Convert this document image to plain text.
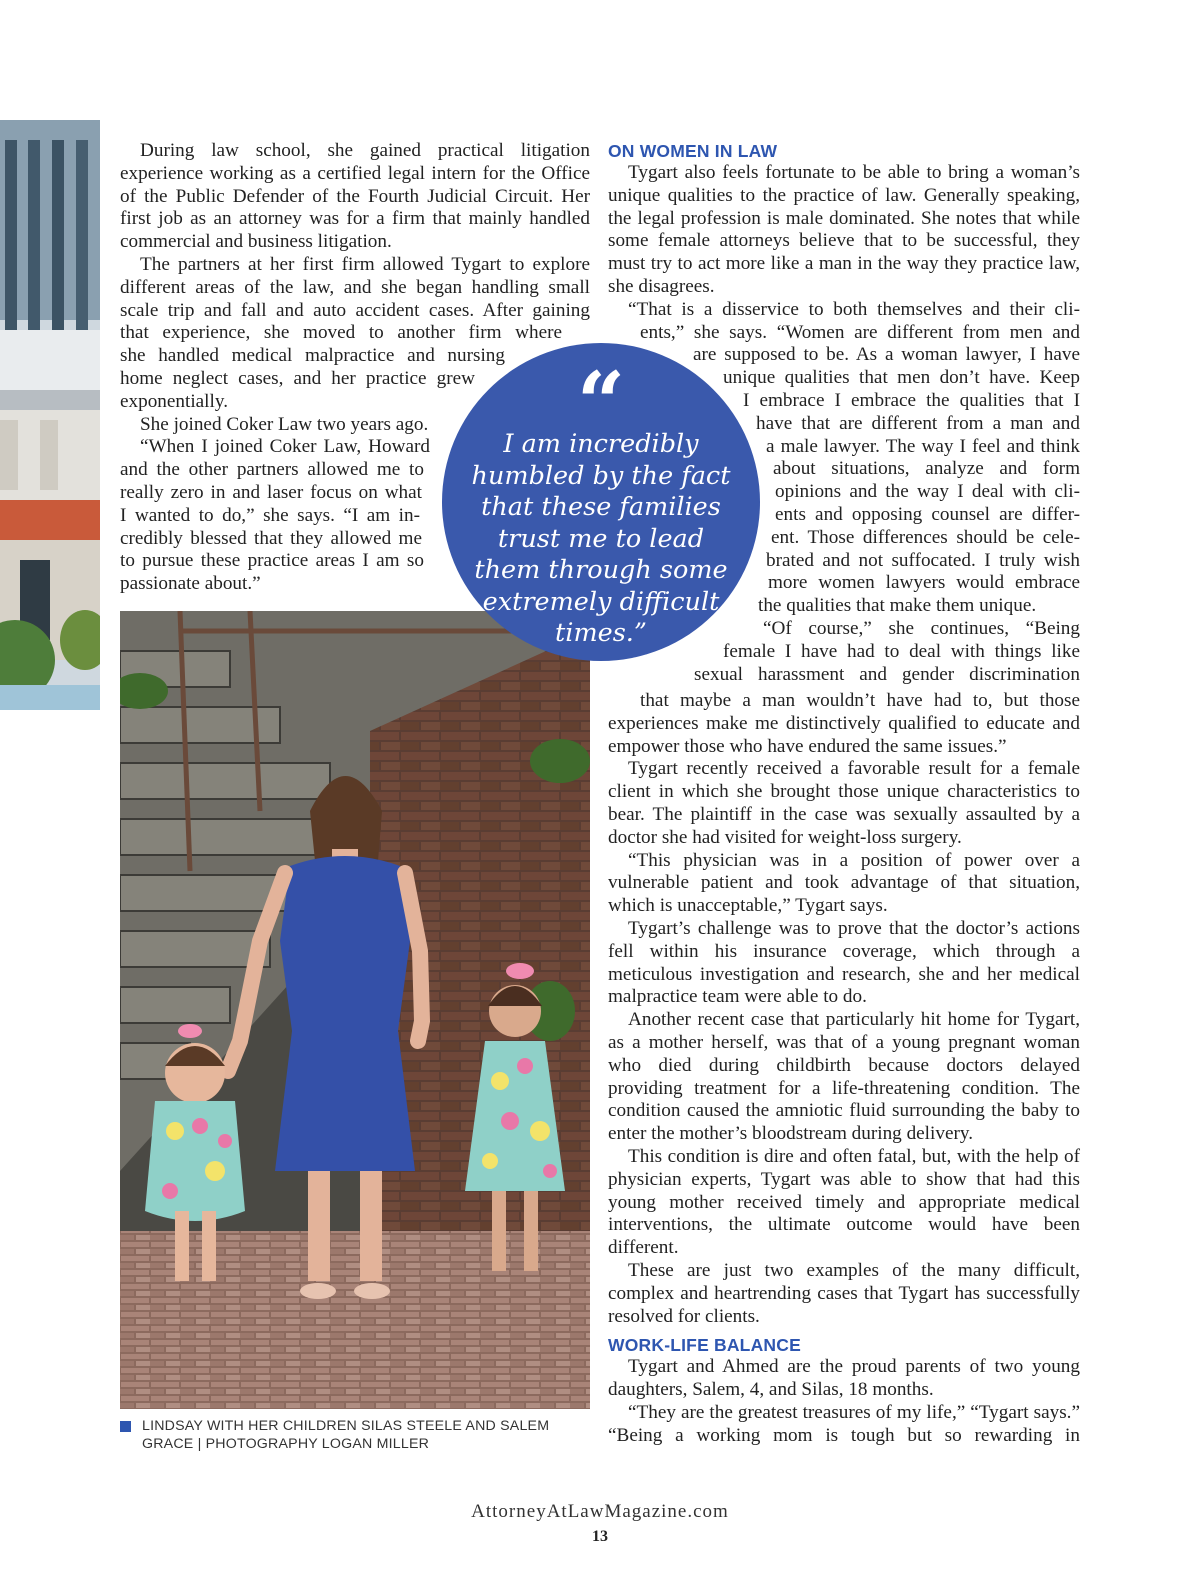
During law school, she gained practical litigation experience working as a certified legal intern for the Office of the Public Defender of the Fourth Judicial Circuit. Her first job as an attorney was for a firm that mainly handled commercial and business litigation.

The partners at her first firm allowed Tygart to explore
different areas of the law, and she began handling small
scale trip and fall and auto accident cases. After gaining
that experience, she moved to another firm where
she handled medical malpractice and nursing
home neglect cases, and her practice grew
exponentially.

She joined Coker Law two years ago.
“When I joined Coker Law, Howard
and the other partners allowed me to
really zero in and laser focus on what
I wanted to do,” she says. “I am in-
credibly blessed that they allowed me
to pursue these practice areas I am so
passionate about.”

“
I am incredibly humbled by the fact that these families trust me to lead them through some extremely difficult times.”
LINDSAY WITH HER CHILDREN SILAS STEELE AND SALEM GRACE | PHOTOGRAPHY LOGAN MILLER
ON WOMEN IN LAW

Tygart also feels fortunate to be able to bring a woman’s unique qualities to the practice of law. Generally speaking, the legal profession is male dominated. She notes that while some female attorneys believe that to be successful, they must try to act more like a man in the way they practice law, she disagrees.

“That is a disservice to both themselves and their cli-
ents,” she says. “Women are different from men and
are supposed to be. As a woman lawyer, I have
unique qualities that men don’t have. Keep
I embrace I embrace the qualities that I
have that are different from a man and
a male lawyer. The way I feel and think
about situations, analyze and form
opinions and the way I deal with cli-
ents and opposing counsel are differ-
ent. Those differences should be cele-
brated and not suffocated. I truly wish
more women lawyers would embrace
the qualities that make them unique.

“Of course,” she continues, “Being
female I have had to deal with things like
sexual harassment and gender discrimination

that maybe a man wouldn’t have had to, but those experiences make me distinctively qualified to educate and empower those who have endured the same issues.”

Tygart recently received a favorable result for a female client in which she brought those unique characteristics to bear. The plaintiff in the case was sexually assaulted by a doctor she had visited for weight-loss surgery.

“This physician was in a position of power over a vulnerable patient and took advantage of that situation, which is unacceptable,” Tygart says.

Tygart’s challenge was to prove that the doctor’s actions fell within his insurance coverage, which through a meticulous investigation and research, she and her medical malpractice team were able to do.

Another recent case that particularly hit home for Tygart, as a mother herself, was that of a young pregnant woman who died during childbirth because doctors delayed providing treatment for a life-threatening condition. The condition caused the amniotic fluid surrounding the baby to enter the mother’s bloodstream during delivery.

This condition is dire and often fatal, but, with the help of physician experts, Tygart was able to show that had this young mother received timely and appropriate medical interventions, the ultimate outcome would have been different.

These are just two examples of the many difficult, complex and heartrending cases that Tygart has successfully resolved for clients.

WORK-LIFE BALANCE

Tygart and Ahmed are the proud parents of two young daughters, Salem, 4, and Silas, 18 months.

“They are the greatest treasures of my life,” “Tygart says.” “Being a working mom is tough but so rewarding in

AttorneyAtLawMagazine.com
13
